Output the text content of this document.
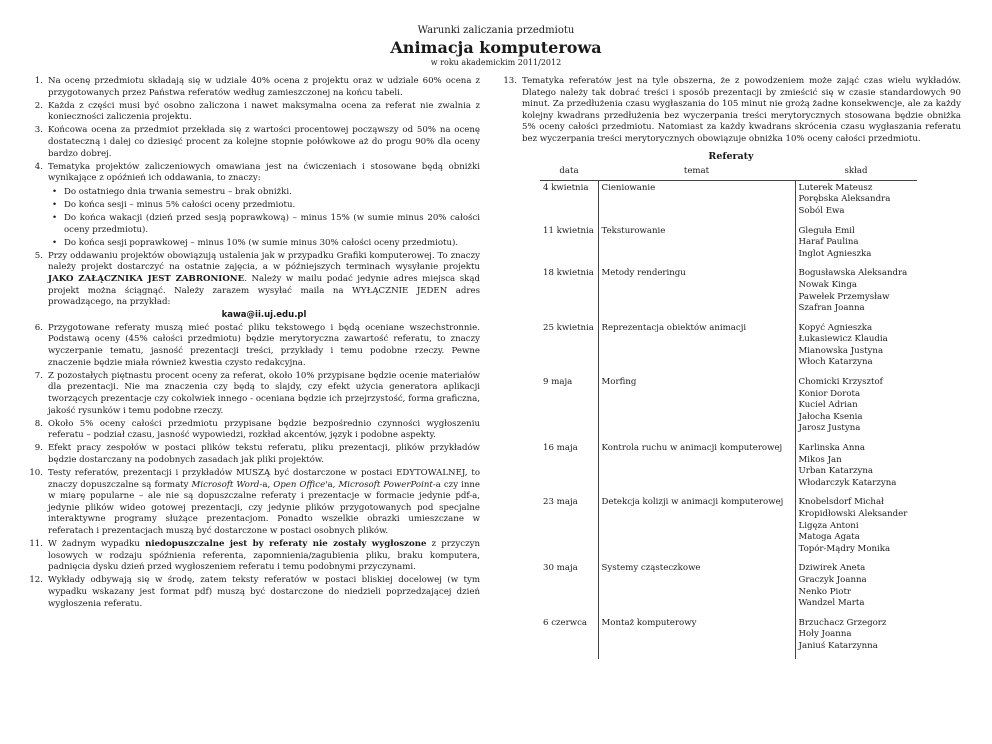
Warunki zaliczania przedmiotu
Animacja komputerowa
w roku akademickim 2011/2012
1. Na ocenę przedmiotu składają się w udziale 40% ocena z projektu oraz w udziale 60% ocena z przygotowanych przez Państwa referatów według zamieszczonej na końcu tabeli.
2. Każda z części musi być osobno zaliczona i nawet maksymalna ocena za referat nie zwalnia z konieczności zaliczenia projektu.
3. Końcowa ocena za przedmiot przekłada się z wartości procentowej począwszy od 50% na ocenę dostateczną i dalej co dziesięć procent za kolejne stopnie połówkowe aż do progu 90% dla oceny bardzo dobrej.
4. Tematyka projektów zaliczeniowych omawiana jest na ćwiczeniach i stosowane będą obniżki wynikające z opóźnień ich oddawania, to znaczy:
• Do ostatniego dnia trwania semestru – brak obniżki.
• Do końca sesji – minus 5% całości oceny przedmiotu.
• Do końca wakacji (dzień przed sesją poprawkową) – minus 15% (w sumie minus 20% całości oceny przedmiotu).
• Do końca sesji poprawkowej – minus 10% (w sumie minus 30% całości oceny przedmiotu).
5. Przy oddawaniu projektów obowiązują ustalenia jak w przypadku Grafiki komputerowej. To znaczy należy projekt dostarczyć na ostatnie zajęcia, a w późniejszych terminach wysyłanie projektu JAKO ZAŁĄCZNIKA JEST ZABRONIONE. Należy w mailu podać jedynie adres miejsca skąd projekt można ściągnąć. Należy zarazem wysyłać maila na WYŁĄCZNIE JEDEN adres prowadzącego, na przykład:
kawa@ii.uj.edu.pl
6. Przygotowane referaty muszą mieć postać pliku tekstowego i będą oceniane wszechstronnie. Podstawą oceny (45% całości przedmiotu) będzie merytoryczna zawartość referatu, to znaczy wyczerpanie tematu, jasność prezentacji treści, przykłady i temu podobne rzeczy. Pewne znaczenie będzie miała również kwestia czysto redakcyjna.
7. Z pozostałych piętnastu procent oceny za referat, około 10% przypisane będzie ocenie materiałów dla prezentacji. Nie ma znaczenia czy będą to slajdy, czy efekt użycia generatora aplikacji tworzących prezentacje czy cokolwiek innego - oceniana będzie ich przejrzystość, forma graficzna, jakość rysunków i temu podobne rzeczy.
8. Około 5% oceny całości przedmiotu przypisane będzie bezpośrednio czynności wygłoszeniu referatu – podział czasu, jasność wypowiedzi, rozkład akcentów, język i podobne aspekty.
9. Efekt pracy zespołów w postaci plików tekstu referatu, pliku prezentacji, plików przykładów będzie dostarczany na podobnych zasadach jak pliki projektów.
10. Testy referatów, prezentacji i przykładów MUSZĄ być dostarczone w postaci EDYTOWALNEJ, to znaczy dopuszczalne są formaty Microsoft Word-a, Open Office'a, Microsoft PowerPoint-a czy inne w miarę popularne – ale nie są dopuszczalne referaty i prezentacje w formacie jedynie pdf-a, jedynie plików wideo gotowej prezentacji, czy jedynie plików przygotowanych pod specjalne interaktywne programy służące prezentacjom. Ponadto wszelkie obrazki umieszczane w referatach i prezentacjach muszą być dostarczone w postaci osobnych plików.
11. W żadnym wypadku niedopuszczalne jest by referaty nie zostały wygłoszone z przyczyn losowych w rodzaju spóźnienia referenta, zapomnienia/zagubienia pliku, braku komputera, padnięcia dysku dzień przed wygłoszeniem referatu i temu podobnymi przyczynami.
12. Wykłady odbywają się w środę, zatem teksty referatów w postaci bliskiej docelowej (w tym wypadku wskazany jest format pdf) muszą być dostarczone do niedzieli poprzedzającej dzień wygłoszenia referatu.
13. Tematyka referatów jest na tyle obszerna, że z powodzeniem może zająć czas wielu wykładów. Dlatego należy tak dobrać treści i sposób prezentacji by zmieścić się w czasie standardowych 90 minut. Za przedłużenia czasu wygłaszania do 105 minut nie grożą żadne konsekwencje, ale za każdy kolejny kwadrans przedłużenia bez wyczerpania treści merytorycznych stosowana będzie obniżka 5% oceny całości przedmiotu. Natomiast za każdy kwadrans skrócenia czasu wygłaszania referatu bez wyczerpania treści merytorycznych obowiązuje obniżka 10% oceny całości przedmiotu.
Referaty
data	temat	skład
4 kwietnia	Cieniowanie	Luterek Mateusz
Porębska Aleksandra
Soból Ewa

11 kwietnia	Teksturowanie	Gleguła Emil
Haraf Paulina
Inglot Agnieszka

18 kwietnia	Metody renderingu	Bogusławska Aleksandra
Nowak Kinga
Pawełek Przemysław
Szafran Joanna

25 kwietnia	Reprezentacja obiektów animacji	Kopyć Agnieszka
Łukasiewicz Klaudia
Mianowska Justyna
Włoch Katarzyna

9 maja	Morfing	Chomicki Krzysztof
Konior Dorota
Kuciel Adrian
Jałocha Ksenia
Jarosz Justyna

16 maja	Kontrola ruchu w animacji komputerowej	Karlinska Anna
Mikos Jan
Urban Katarzyna
Włodarczyk Katarzyna

23 maja	Detekcja kolizji w animacji komputerowej	Knobelsdorf Michał
Kropidłowski Aleksander
Ligęza Antoni
Matoga Agata
Topór-Mądry Monika

30 maja	Systemy cząsteczkowe	Dziwirek Aneta
Graczyk Joanna
Nenko Piotr
Wandzel Marta

6 czerwca	Montaż komputerowy	Brzuchacz Grzegorz
Hoły Joanna
Janiuś Katarzynna
